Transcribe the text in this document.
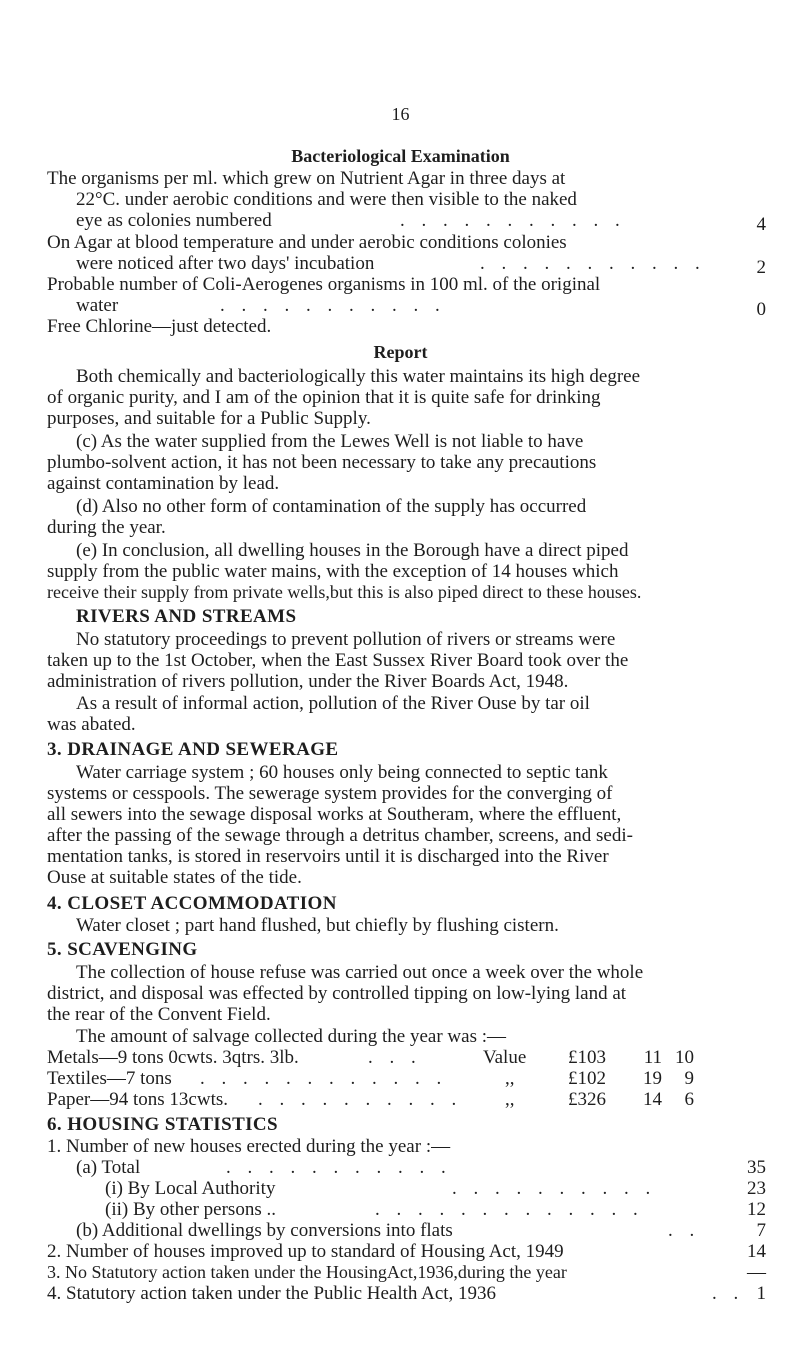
16
Bacteriological Examination
The organisms per ml. which grew on Nutrient Agar in three days at
22°C. under aerobic conditions and were then visible to the naked
eye as colonies numbered	. . . . . . . . . . .	4
On Agar at blood temperature and under aerobic conditions colonies
were noticed after two days' incubation	. . . . . . . . . . .	2
Probable number of Coli-Aerogenes organisms in 100 ml. of the original
water	. . . . . . . . . . .	0
Free Chlorine—just detected.
Report
Both chemically and bacteriologically this water maintains its high degree
of organic purity, and I am of the opinion that it is quite safe for drinking
purposes, and suitable for a Public Supply.
(c) As the water supplied from the Lewes Well is not liable to have
plumbo-solvent action, it has not been necessary to take any precautions
against contamination by lead.
(d) Also no other form of contamination of the supply has occurred
during the year.
(e) In conclusion, all dwelling houses in the Borough have a direct piped
supply from the public water mains, with the exception of 14 houses which
receive their supply from private wells,but this is also piped direct to these houses.
RIVERS AND STREAMS
No statutory proceedings to prevent pollution of rivers or streams were
taken up to the 1st October, when the East Sussex River Board took over the
administration of rivers pollution, under the River Boards Act, 1948.
As a result of informal action, pollution of the River Ouse by tar oil
was abated.
3. DRAINAGE AND SEWERAGE
Water carriage system ; 60 houses only being connected to septic tank
systems or cesspools. The sewerage system provides for the converging of
all sewers into the sewage disposal works at Southeram, where the effluent,
after the passing of the sewage through a detritus chamber, screens, and sedi-
mentation tanks, is stored in reservoirs until it is discharged into the River
Ouse at suitable states of the tide.
4. CLOSET ACCOMMODATION
Water closet ; part hand flushed, but chiefly by flushing cistern.
5. SCAVENGING
The collection of house refuse was carried out once a week over the whole
district, and disposal was effected by controlled tipping on low-lying land at
the rear of the Convent Field.
The amount of salvage collected during the year was :—
Metals—9 tons 0cwts. 3qtrs. 3lb.	. . .	Value £103 11 10
Textiles—7 tons . . . . . . . . . . . .	,,	£102 19 9
Paper—94 tons 13cwts. . . . . . . . . . . ,,	£326 14 6
6. HOUSING STATISTICS
1. Number of new houses erected during the year :—
(a) Total	. . . . . . . . . . .	35
(i) By Local Authority	. . . . . . . . . .	23
(ii) By other persons ..	. . . . . . . . . . . . .	12
(b) Additional dwellings by conversions into flats	. .	7
2. Number of houses improved up to standard of Housing Act, 1949	14
3. No Statutory action taken under the HousingAct,1936,during the year	—
4. Statutory action taken under the Public Health Act, 1936	. . 1
